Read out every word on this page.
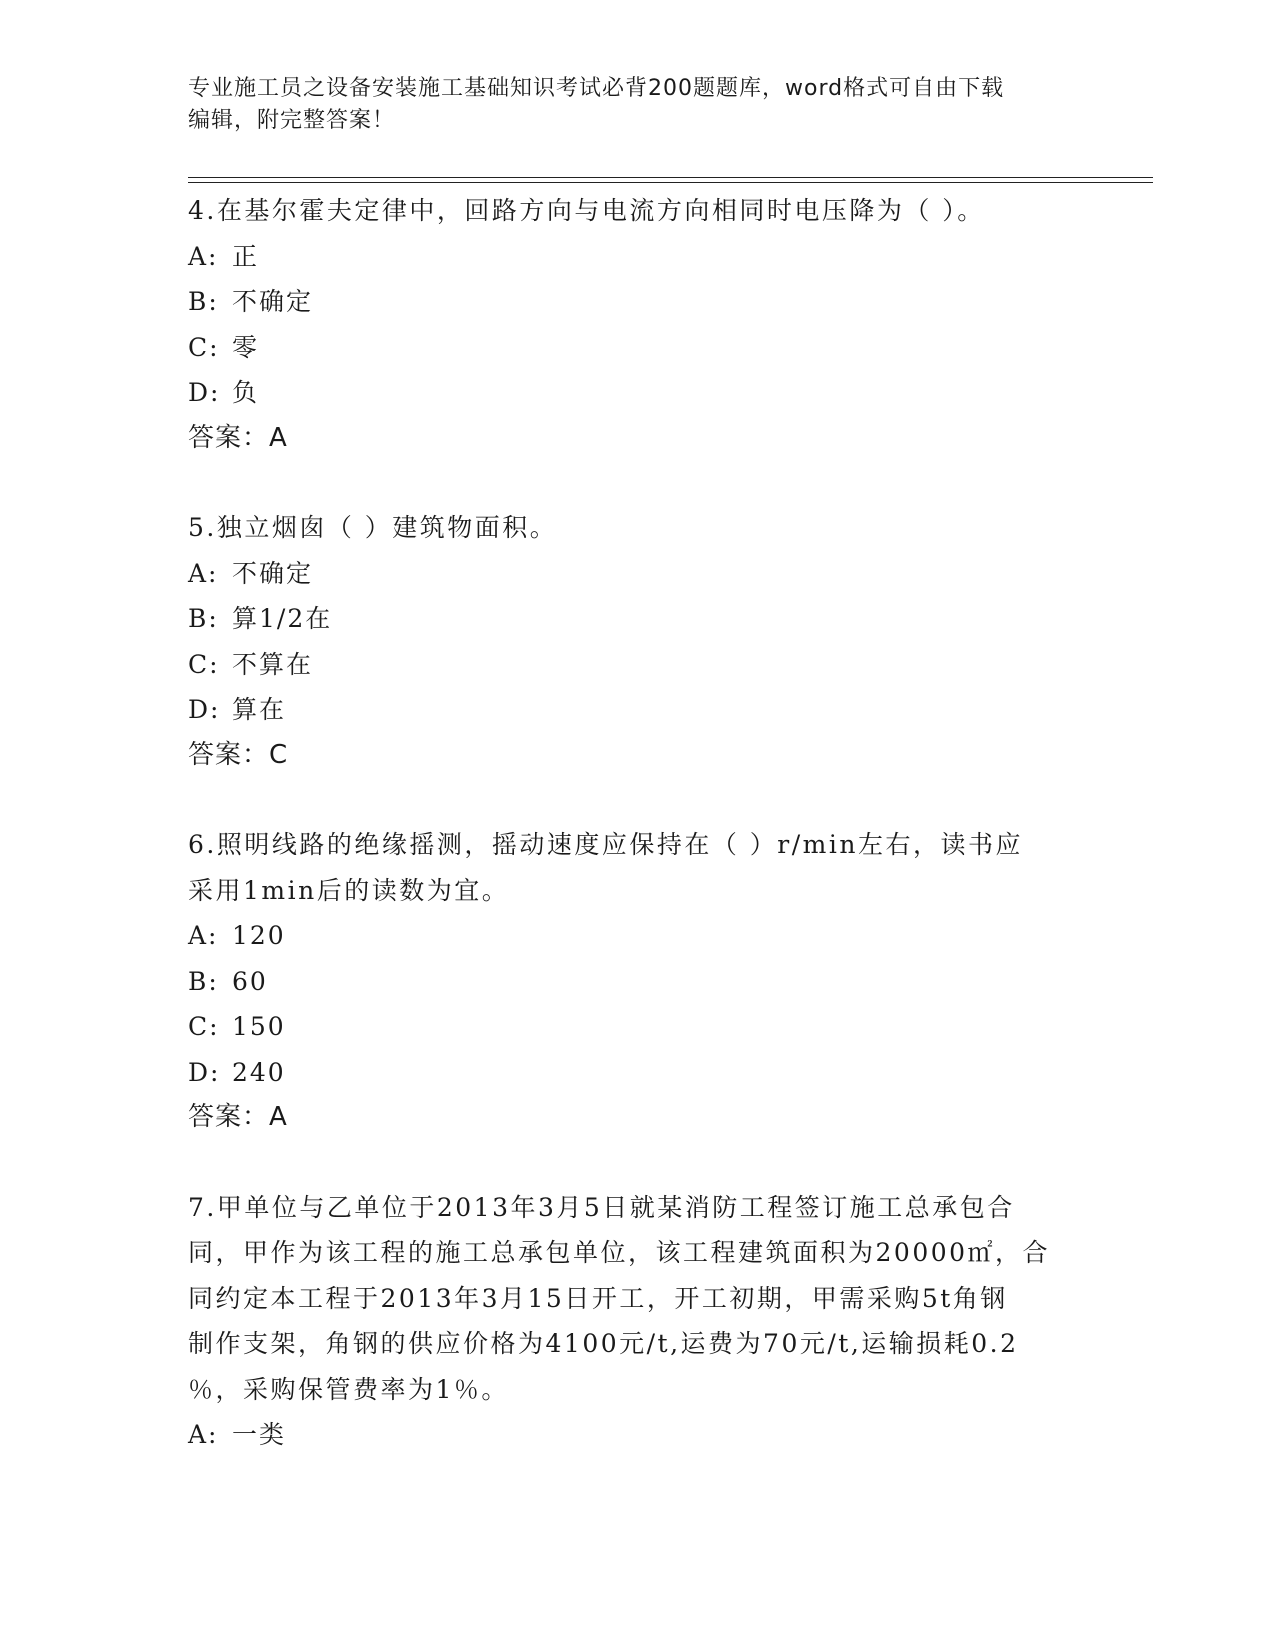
专业施工员之设备安装施工基础知识考试必背200题题库，word格式可自由下载
编辑，附完整答案！
4.在基尔霍夫定律中，回路方向与电流方向相同时电压降为（ ）。
A: 正
B: 不确定
C: 零
D: 负
答案：A
5.独立烟囱（ ）建筑物面积。
A: 不确定
B: 算1/2在
C: 不算在
D: 算在
答案：C
6.照明线路的绝缘摇测，摇动速度应保持在（ ）r/min左右，读书应
采用1min后的读数为宜。
A: 120
B: 60
C: 150
D: 240
答案：A
7.甲单位与乙单位于2013年3月5日就某消防工程签订施工总承包合
同，甲作为该工程的施工总承包单位，该工程建筑面积为20000㎡，合
同约定本工程于2013年3月15日开工，开工初期，甲需采购5t角钢
制作支架，角钢的供应价格为4100元/t,运费为70元/t,运输损耗0.2
％，采购保管费率为1％。
A: 一类
